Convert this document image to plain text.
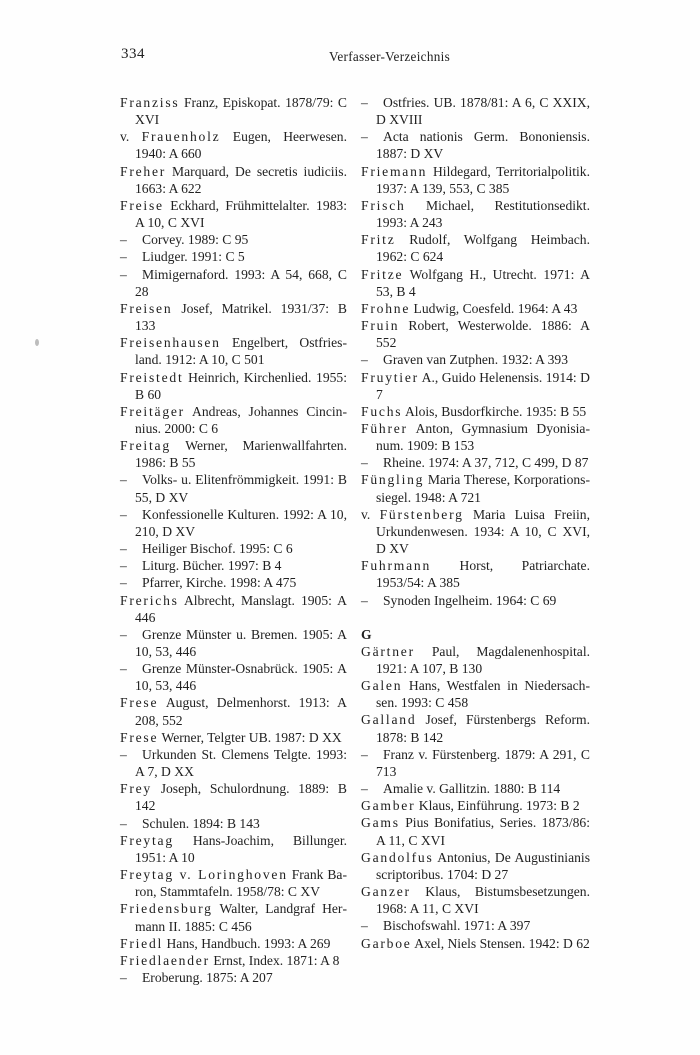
334	Verfasser-Verzeichnis
Franziss Franz, Episkopat. 1878/79: C XVI
v. Frauenholz Eugen, Heerwesen. 1940: A 660
Freher Marquard, De secretis iudiciis. 1663: A 622
Freise Eckhard, Frühmittelalter. 1983: A 10, C XVI
– Corvey. 1989: C 95
– Liudger. 1991: C 5
– Mimigernaford. 1993: A 54, 668, C 28
Freisen Josef, Matrikel. 1931/37: B 133
Freisenhausen Engelbert, Ostfriesland. 1912: A 10, C 501
Freistedt Heinrich, Kirchenlied. 1955: B 60
Freitäger Andreas, Johannes Cincinnius. 2000: C 6
Freitag Werner, Marienwallfahrten. 1986: B 55
– Volks- u. Elitenfrömmigkeit. 1991: B 55, D XV
– Konfessionelle Kulturen. 1992: A 10, 210, D XV
– Heiliger Bischof. 1995: C 6
– Liturg. Bücher. 1997: B 4
– Pfarrer, Kirche. 1998: A 475
Frerichs Albrecht, Manslagt. 1905: A 446
– Grenze Münster u. Bremen. 1905: A 10, 53, 446
– Grenze Münster-Osnabrück. 1905: A 10, 53, 446
Frese August, Delmenhorst. 1913: A 208, 552
Frese Werner, Telgter UB. 1987: D XX
– Urkunden St. Clemens Telgte. 1993: A 7, D XX
Frey Joseph, Schulordnung. 1889: B 142
– Schulen. 1894: B 143
Freytag Hans-Joachim, Billunger. 1951: A 10
Freytag v. Loringhoven Frank Baron, Stammtafeln. 1958/78: C XV
Friedensburg Walter, Landgraf Hermann II. 1885: C 456
Friedl Hans, Handbuch. 1993: A 269
Friedlaender Ernst, Index. 1871: A 8
– Eroberung. 1875: A 207
– Ostfries. UB. 1878/81: A 6, C XXIX, D XVIII
– Acta nationis Germ. Bononiensis. 1887: D XV
Friemann Hildegard, Territorialpolitik. 1937: A 139, 553, C 385
Frisch Michael, Restitutionsedikt. 1993: A 243
Fritz Rudolf, Wolfgang Heimbach. 1962: C 624
Fritze Wolfgang H., Utrecht. 1971: A 53, B 4
Frohne Ludwig, Coesfeld. 1964: A 43
Fruin Robert, Westerwolde. 1886: A 552
– Graven van Zutphen. 1932: A 393
Fruytier A., Guido Helenensis. 1914: D 7
Fuchs Alois, Busdorfkirche. 1935: B 55
Führer Anton, Gymnasium Dyonisianum. 1909: B 153
– Rheine. 1974: A 37, 712, C 499, D 87
Füngling Maria Therese, Korporationssiegel. 1948: A 721
v. Fürstenberg Maria Luisa Freiin, Urkundenwesen. 1934: A 10, C XVI, D XV
Fuhrmann Horst, Patriarchate. 1953/54: A 385
– Synoden Ingelheim. 1964: C 69
G
Gärtner Paul, Magdalenenhospital. 1921: A 107, B 130
Galen Hans, Westfalen in Niedersachsen. 1993: C 458
Galland Josef, Fürstenbergs Reform. 1878: B 142
– Franz v. Fürstenberg. 1879: A 291, C 713
– Amalie v. Gallitzin. 1880: B 114
Gamber Klaus, Einführung. 1973: B 2
Gams Pius Bonifatius, Series. 1873/86: A 11, C XVI
Gandolfus Antonius, De Augustinianis scriptoribus. 1704: D 27
Ganzer Klaus, Bistumsbesetzungen. 1968: A 11, C XVI
– Bischofswahl. 1971: A 397
Garboe Axel, Niels Stensen. 1942: D 62
